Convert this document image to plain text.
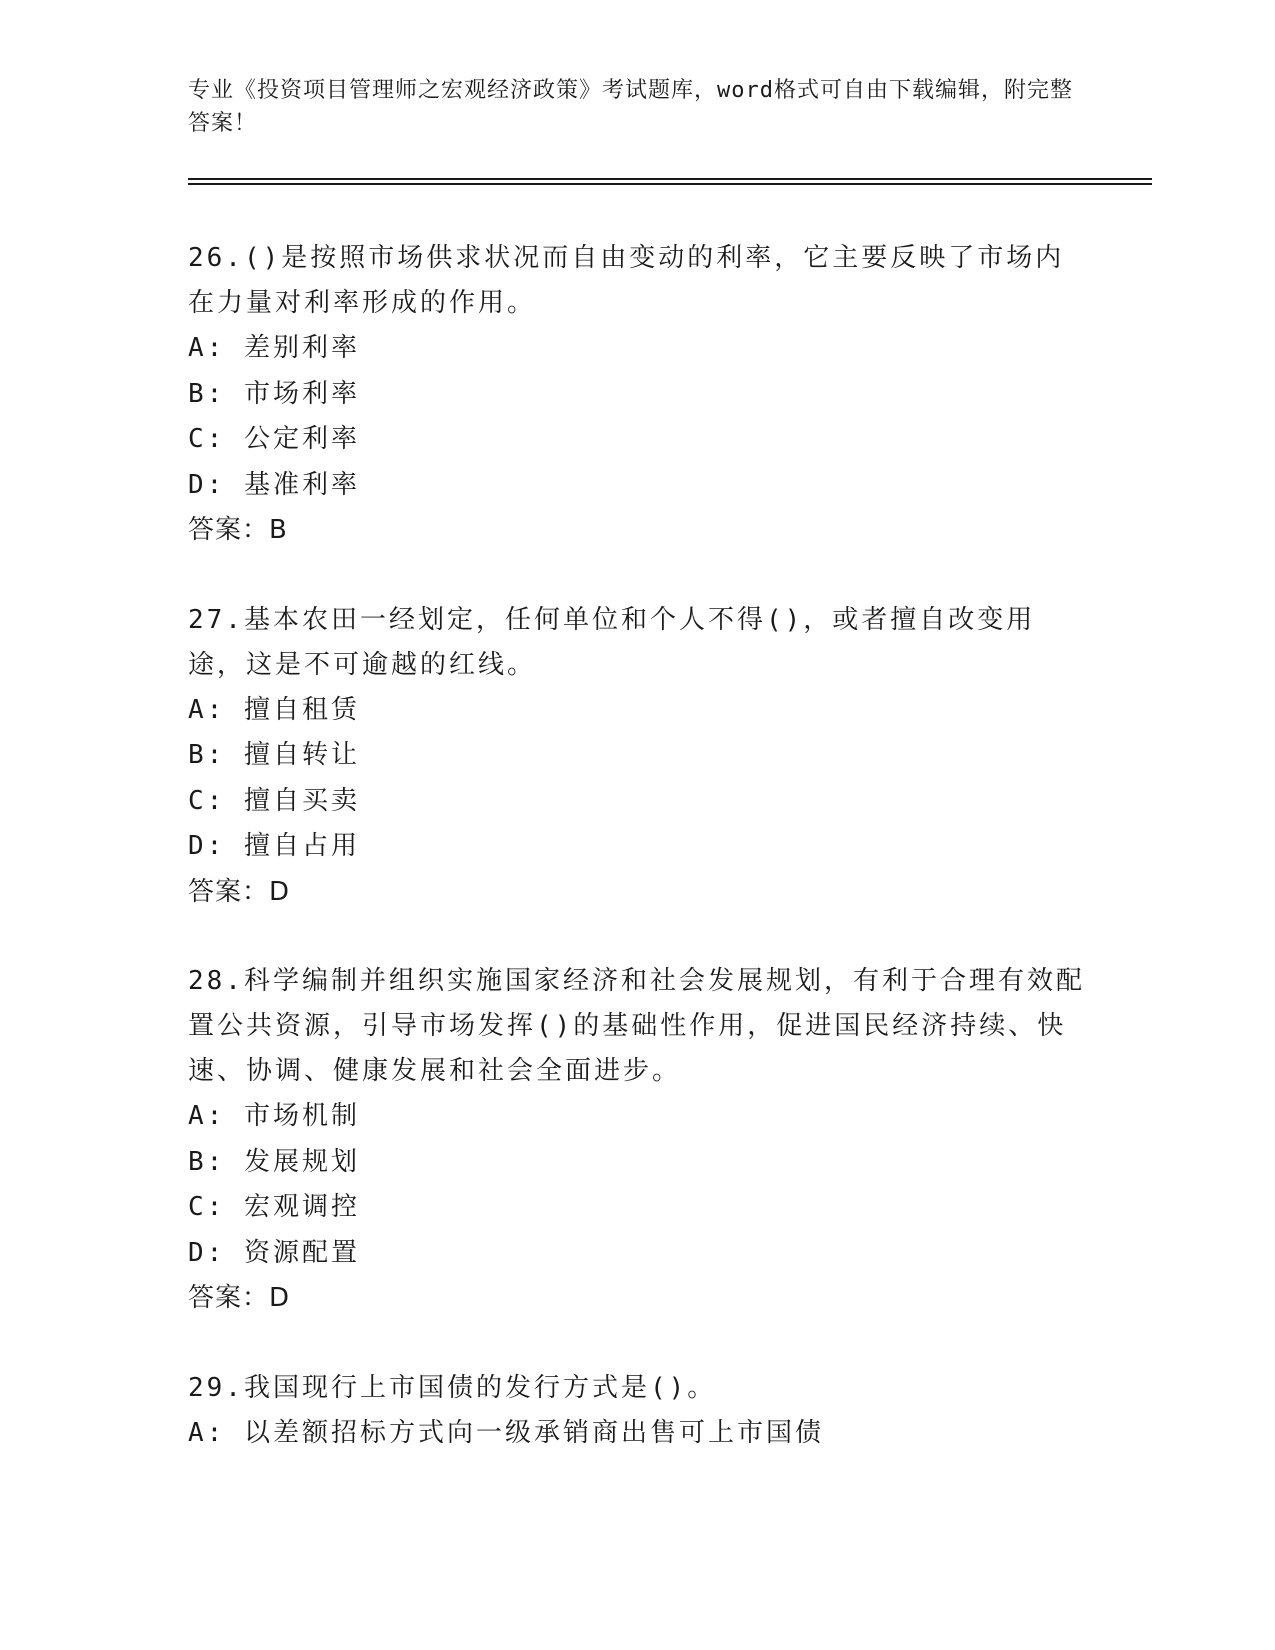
专业《投资项目管理师之宏观经济政策》考试题库，word格式可自由下载编辑，附完整答案！
26.()是按照市场供求状况而自由变动的利率，它主要反映了市场内在力量对利率形成的作用。
A: 差别利率
B: 市场利率
C: 公定利率
D: 基准利率
答案：B
27.基本农田一经划定，任何单位和个人不得()，或者擅自改变用途，这是不可逾越的红线。
A: 擅自租赁
B: 擅自转让
C: 擅自买卖
D: 擅自占用
答案：D
28.科学编制并组织实施国家经济和社会发展规划，有利于合理有效配置公共资源，引导市场发挥()的基础性作用，促进国民经济持续、快速、协调、健康发展和社会全面进步。
A: 市场机制
B: 发展规划
C: 宏观调控
D: 资源配置
答案：D
29.我国现行上市国债的发行方式是()。
A: 以差额招标方式向一级承销商出售可上市国债
